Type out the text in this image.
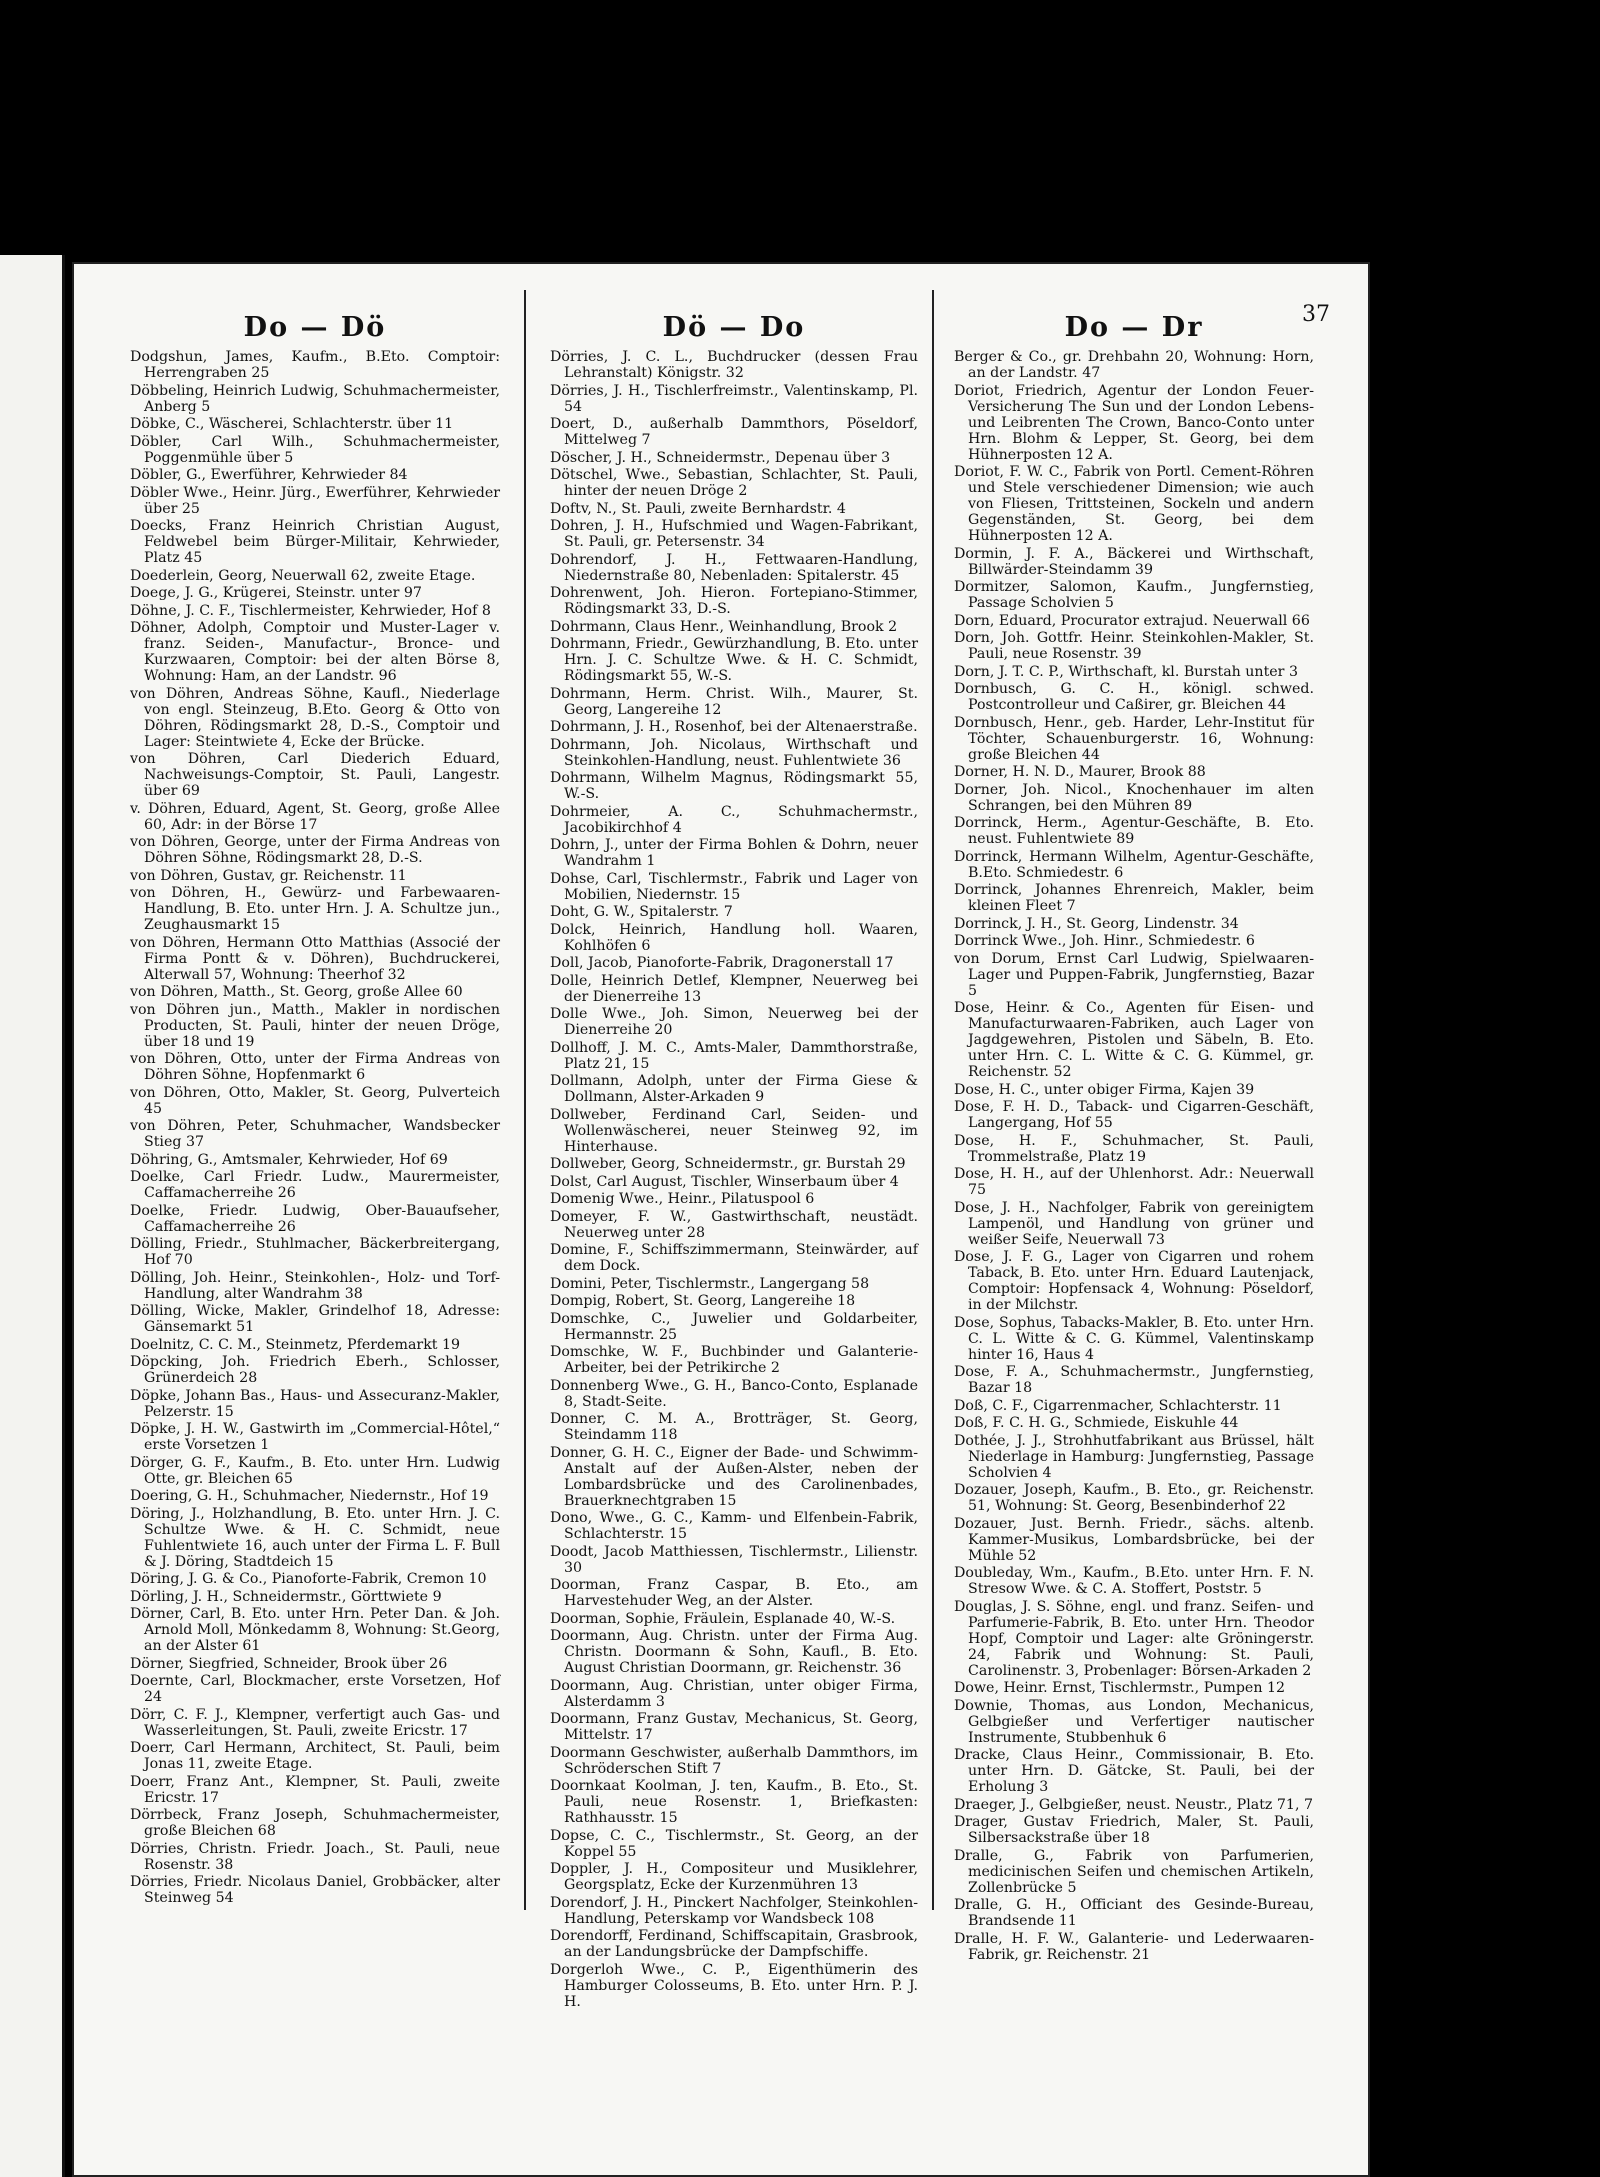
37
Do — Dö
Dodgshun, James, Kaufm., B.Eto. Comptoir: Herrengraben 25
Döbbeling, Heinrich Ludwig, Schuhmachermeister, Anberg 5
Döbke, C., Wäscherei, Schlachterstr. über 11
Döbler, Carl Wilh., Schuhmachermeister, Poggenmühle über 5
Döbler, G., Ewerführer, Kehrwieder 84
Döbler Wwe., Heinr. Jürg., Ewerführer, Kehrwieder über 25
Doecks, Franz Heinrich Christian August, Feldwebel beim Bürger-Militair, Kehrwieder, Platz 45
Doederlein, Georg, Neuerwall 62, zweite Etage.
Doege, J. G., Krügerei, Steinstr. unter 97
Döhne, J. C. F., Tischlermeister, Kehrwieder, Hof 8
Döhner, Adolph, Comptoir und Muster-Lager v. franz. Seiden-, Manufactur-, Bronce- und Kurzwaaren, Comptoir: bei der alten Börse 8, Wohnung: Ham, an der Landstr. 96
von Döhren, Andreas Söhne, Kaufl., Niederlage von engl. Steinzeug, B.Eto. Georg & Otto von Döhren, Rödingsmarkt 28, D.-S., Comptoir und Lager: Steintwiete 4, Ecke der Brücke.
von Döhren, Carl Diederich Eduard, Nachweisungs-Comptoir, St. Pauli, Langestr. über 69
v. Döhren, Eduard, Agent, St. Georg, große Allee 60, Adr: in der Börse 17
von Döhren, George, unter der Firma Andreas von Döhren Söhne, Rödingsmarkt 28, D.-S.
von Döhren, Gustav, gr. Reichenstr. 11
von Döhren, H., Gewürz- und Farbewaaren-Handlung, B. Eto. unter Hrn. J. A. Schultze jun., Zeughausmarkt 15
von Döhren, Hermann Otto Matthias (Associé der Firma Pontt & v. Döhren), Buchdruckerei, Alterwall 57, Wohnung: Theerhof 32
von Döhren, Matth., St. Georg, große Allee 60
von Döhren jun., Matth., Makler in nordischen Producten, St. Pauli, hinter der neuen Dröge, über 18 und 19
von Döhren, Otto, unter der Firma Andreas von Döhren Söhne, Hopfenmarkt 6
von Döhren, Otto, Makler, St. Georg, Pulverteich 45
von Döhren, Peter, Schuhmacher, Wandsbecker Stieg 37
Döhring, G., Amtsmaler, Kehrwieder, Hof 69
Doelke, Carl Friedr. Ludw., Maurermeister, Caffamacherreihe 26
Doelke, Friedr. Ludwig, Ober-Bauaufseher, Caffamacherreihe 26
Dölling, Friedr., Stuhlmacher, Bäckerbreitergang, Hof 70
Dölling, Joh. Heinr., Steinkohlen-, Holz- und Torf-Handlung, alter Wandrahm 38
Dölling, Wicke, Makler, Grindelhof 18, Adresse: Gänsemarkt 51
Doelnitz, C. C. M., Steinmetz, Pferdemarkt 19
Döpcking, Joh. Friedrich Eberh., Schlosser, Grünerdeich 28
Döpke, Johann Bas., Haus- und Assecuranz-Makler, Pelzerstr. 15
Döpke, J. H. W., Gastwirth im „Commercial-Hôtel,“ erste Vorsetzen 1
Dörger, G. F., Kaufm., B. Eto. unter Hrn. Ludwig Otte, gr. Bleichen 65
Doering, G. H., Schuhmacher, Niedernstr., Hof 19
Döring, J., Holzhandlung, B. Eto. unter Hrn. J. C. Schultze Wwe. & H. C. Schmidt, neue Fuhlentwiete 16, auch unter der Firma L. F. Bull & J. Döring, Stadtdeich 15
Döring, J. G. & Co., Pianoforte-Fabrik, Cremon 10
Dörling, J. H., Schneidermstr., Görttwiete 9
Dörner, Carl, B. Eto. unter Hrn. Peter Dan. & Joh. Arnold Moll, Mönkedamm 8, Wohnung: St.Georg, an der Alster 61
Dörner, Siegfried, Schneider, Brook über 26
Doernte, Carl, Blockmacher, erste Vorsetzen, Hof 24
Dörr, C. F. J., Klempner, verfertigt auch Gas- und Wasserleitungen, St. Pauli, zweite Ericstr. 17
Doerr, Carl Hermann, Architect, St. Pauli, beim Jonas 11, zweite Etage.
Doerr, Franz Ant., Klempner, St. Pauli, zweite Ericstr. 17
Dörrbeck, Franz Joseph, Schuhmachermeister, große Bleichen 68
Dörries, Christn. Friedr. Joach., St. Pauli, neue Rosenstr. 38
Dörries, Friedr. Nicolaus Daniel, Grobbäcker, alter Steinweg 54
Dö — Do
Dörries, J. C. L., Buchdrucker (dessen Frau Lehranstalt) Königstr. 32
Dörries, J. H., Tischlerfreimstr., Valentinskamp, Pl. 54
Doert, D., außerhalb Dammthors, Pöseldorf, Mittelweg 7
Döscher, J. H., Schneidermstr., Depenau über 3
Dötschel, Wwe., Sebastian, Schlachter, St. Pauli, hinter der neuen Dröge 2
Doftv, N., St. Pauli, zweite Bernhardstr. 4
Dohren, J. H., Hufschmied und Wagen-Fabrikant, St. Pauli, gr. Petersenstr. 34
Dohrendorf, J. H., Fettwaaren-Handlung, Niedernstraße 80, Nebenladen: Spitalerstr. 45
Dohrenwent, Joh. Hieron. Fortepiano-Stimmer, Rödingsmarkt 33, D.-S.
Dohrmann, Claus Henr., Weinhandlung, Brook 2
Dohrmann, Friedr., Gewürzhandlung, B. Eto. unter Hrn. J. C. Schultze Wwe. & H. C. Schmidt, Rödingsmarkt 55, W.-S.
Dohrmann, Herm. Christ. Wilh., Maurer, St. Georg, Langereihe 12
Dohrmann, J. H., Rosenhof, bei der Altenaerstraße.
Dohrmann, Joh. Nicolaus, Wirthschaft und Steinkohlen-Handlung, neust. Fuhlentwiete 36
Dohrmann, Wilhelm Magnus, Rödingsmarkt 55, W.-S.
Dohrmeier, A. C., Schuhmachermstr., Jacobikirchhof 4
Dohrn, J., unter der Firma Bohlen & Dohrn, neuer Wandrahm 1
Dohse, Carl, Tischlermstr., Fabrik und Lager von Mobilien, Niedernstr. 15
Doht, G. W., Spitalerstr. 7
Dolck, Heinrich, Handlung holl. Waaren, Kohlhöfen 6
Doll, Jacob, Pianoforte-Fabrik, Dragonerstall 17
Dolle, Heinrich Detlef, Klempner, Neuerweg bei der Dienerreihe 13
Dolle Wwe., Joh. Simon, Neuerweg bei der Dienerreihe 20
Dollhoff, J. M. C., Amts-Maler, Dammthorstraße, Platz 21, 15
Dollmann, Adolph, unter der Firma Giese & Dollmann, Alster-Arkaden 9
Dollweber, Ferdinand Carl, Seiden- und Wollenwäscherei, neuer Steinweg 92, im Hinterhause.
Dollweber, Georg, Schneidermstr., gr. Burstah 29
Dolst, Carl August, Tischler, Winserbaum über 4
Domenig Wwe., Heinr., Pilatuspool 6
Domeyer, F. W., Gastwirthschaft, neustädt. Neuerweg unter 28
Domine, F., Schiffszimmermann, Steinwärder, auf dem Dock.
Domini, Peter, Tischlermstr., Langergang 58
Dompig, Robert, St. Georg, Langereihe 18
Domschke, C., Juwelier und Goldarbeiter, Hermannstr. 25
Domschke, W. F., Buchbinder und Galanterie-Arbeiter, bei der Petrikirche 2
Donnenberg Wwe., G. H., Banco-Conto, Esplanade 8, Stadt-Seite.
Donner, C. M. A., Brotträger, St. Georg, Steindamm 118
Donner, G. H. C., Eigner der Bade- und Schwimm-Anstalt auf der Außen-Alster, neben der Lombardsbrücke und des Carolinenbades, Brauerknechtgraben 15
Dono, Wwe., G. C., Kamm- und Elfenbein-Fabrik, Schlachterstr. 15
Doodt, Jacob Matthiessen, Tischlermstr., Lilienstr. 30
Doorman, Franz Caspar, B. Eto., am Harvestehuder Weg, an der Alster.
Doorman, Sophie, Fräulein, Esplanade 40, W.-S.
Doormann, Aug. Christn. unter der Firma Aug. Christn. Doormann & Sohn, Kaufl., B. Eto. August Christian Doormann, gr. Reichenstr. 36
Doormann, Aug. Christian, unter obiger Firma, Alsterdamm 3
Doormann, Franz Gustav, Mechanicus, St. Georg, Mittelstr. 17
Doormann Geschwister, außerhalb Dammthors, im Schröderschen Stift 7
Doornkaat Koolman, J. ten, Kaufm., B. Eto., St. Pauli, neue Rosenstr. 1, Briefkasten: Rathhausstr. 15
Dopse, C. C., Tischlermstr., St. Georg, an der Koppel 55
Doppler, J. H., Compositeur und Musiklehrer, Georgsplatz, Ecke der Kurzenmühren 13
Dorendorf, J. H., Pinckert Nachfolger, Steinkohlen-Handlung, Peterskamp vor Wandsbeck 108
Dorendorff, Ferdinand, Schiffscapitain, Grasbrook, an der Landungsbrücke der Dampfschiffe.
Dorgerloh Wwe., C. P., Eigenthümerin des Hamburger Colosseums, B. Eto. unter Hrn. P. J. H.
Do — Dr
Berger & Co., gr. Drehbahn 20, Wohnung: Horn, an der Landstr. 47
Doriot, Friedrich, Agentur der London Feuer-Versicherung The Sun und der London Lebens- und Leibrenten The Crown, Banco-Conto unter Hrn. Blohm & Lepper, St. Georg, bei dem Hühnerposten 12 A.
Doriot, F. W. C., Fabrik von Portl. Cement-Röhren und Stele verschiedener Dimension; wie auch von Fliesen, Trittsteinen, Sockeln und andern Gegenständen, St. Georg, bei dem Hühnerposten 12 A.
Dormin, J. F. A., Bäckerei und Wirthschaft, Billwärder-Steindamm 39
Dormitzer, Salomon, Kaufm., Jungfernstieg, Passage Scholvien 5
Dorn, Eduard, Procurator extrajud. Neuerwall 66
Dorn, Joh. Gottfr. Heinr. Steinkohlen-Makler, St. Pauli, neue Rosenstr. 39
Dorn, J. T. C. P., Wirthschaft, kl. Burstah unter 3
Dornbusch, G. C. H., königl. schwed. Postcontrolleur und Caßirer, gr. Bleichen 44
Dornbusch, Henr., geb. Harder, Lehr-Institut für Töchter, Schauenburgerstr. 16, Wohnung: große Bleichen 44
Dorner, H. N. D., Maurer, Brook 88
Dorner, Joh. Nicol., Knochenhauer im alten Schrangen, bei den Mühren 89
Dorrinck, Herm., Agentur-Geschäfte, B. Eto. neust. Fuhlentwiete 89
Dorrinck, Hermann Wilhelm, Agentur-Geschäfte, B.Eto. Schmiedestr. 6
Dorrinck, Johannes Ehrenreich, Makler, beim kleinen Fleet 7
Dorrinck, J. H., St. Georg, Lindenstr. 34
Dorrinck Wwe., Joh. Hinr., Schmiedestr. 6
von Dorum, Ernst Carl Ludwig, Spielwaaren-Lager und Puppen-Fabrik, Jungfernstieg, Bazar 5
Dose, Heinr. & Co., Agenten für Eisen- und Manufacturwaaren-Fabriken, auch Lager von Jagdgewehren, Pistolen und Säbeln, B. Eto. unter Hrn. C. L. Witte & C. G. Kümmel, gr. Reichenstr. 52
Dose, H. C., unter obiger Firma, Kajen 39
Dose, F. H. D., Taback- und Cigarren-Geschäft, Langergang, Hof 55
Dose, H. F., Schuhmacher, St. Pauli, Trommelstraße, Platz 19
Dose, H. H., auf der Uhlenhorst. Adr.: Neuerwall 75
Dose, J. H., Nachfolger, Fabrik von gereinigtem Lampenöl, und Handlung von grüner und weißer Seife, Neuerwall 73
Dose, J. F. G., Lager von Cigarren und rohem Taback, B. Eto. unter Hrn. Eduard Lautenjack, Comptoir: Hopfensack 4, Wohnung: Pöseldorf, in der Milchstr.
Dose, Sophus, Tabacks-Makler, B. Eto. unter Hrn. C. L. Witte & C. G. Kümmel, Valentinskamp hinter 16, Haus 4
Dose, F. A., Schuhmachermstr., Jungfernstieg, Bazar 18
Doß, C. F., Cigarrenmacher, Schlachterstr. 11
Doß, F. C. H. G., Schmiede, Eiskuhle 44
Dothée, J. J., Strohhutfabrikant aus Brüssel, hält Niederlage in Hamburg: Jungfernstieg, Passage Scholvien 4
Dozauer, Joseph, Kaufm., B. Eto., gr. Reichenstr. 51, Wohnung: St. Georg, Besenbinderhof 22
Dozauer, Just. Bernh. Friedr., sächs. altenb. Kammer-Musikus, Lombardsbrücke, bei der Mühle 52
Doubleday, Wm., Kaufm., B.Eto. unter Hrn. F. N. Stresow Wwe. & C. A. Stoffert, Poststr. 5
Douglas, J. S. Söhne, engl. und franz. Seifen- und Parfumerie-Fabrik, B. Eto. unter Hrn. Theodor Hopf, Comptoir und Lager: alte Gröningerstr. 24, Fabrik und Wohnung: St. Pauli, Carolinenstr. 3, Probenlager: Börsen-Arkaden 2
Dowe, Heinr. Ernst, Tischlermstr., Pumpen 12
Downie, Thomas, aus London, Mechanicus, Gelbgießer und Verfertiger nautischer Instrumente, Stubbenhuk 6
Dracke, Claus Heinr., Commissionair, B. Eto. unter Hrn. D. Gätcke, St. Pauli, bei der Erholung 3
Draeger, J., Gelbgießer, neust. Neustr., Platz 71, 7
Drager, Gustav Friedrich, Maler, St. Pauli, Silbersackstraße über 18
Dralle, G., Fabrik von Parfumerien, medicinischen Seifen und chemischen Artikeln, Zollenbrücke 5
Dralle, G. H., Officiant des Gesinde-Bureau, Brandsende 11
Dralle, H. F. W., Galanterie- und Lederwaaren-Fabrik, gr. Reichenstr. 21
